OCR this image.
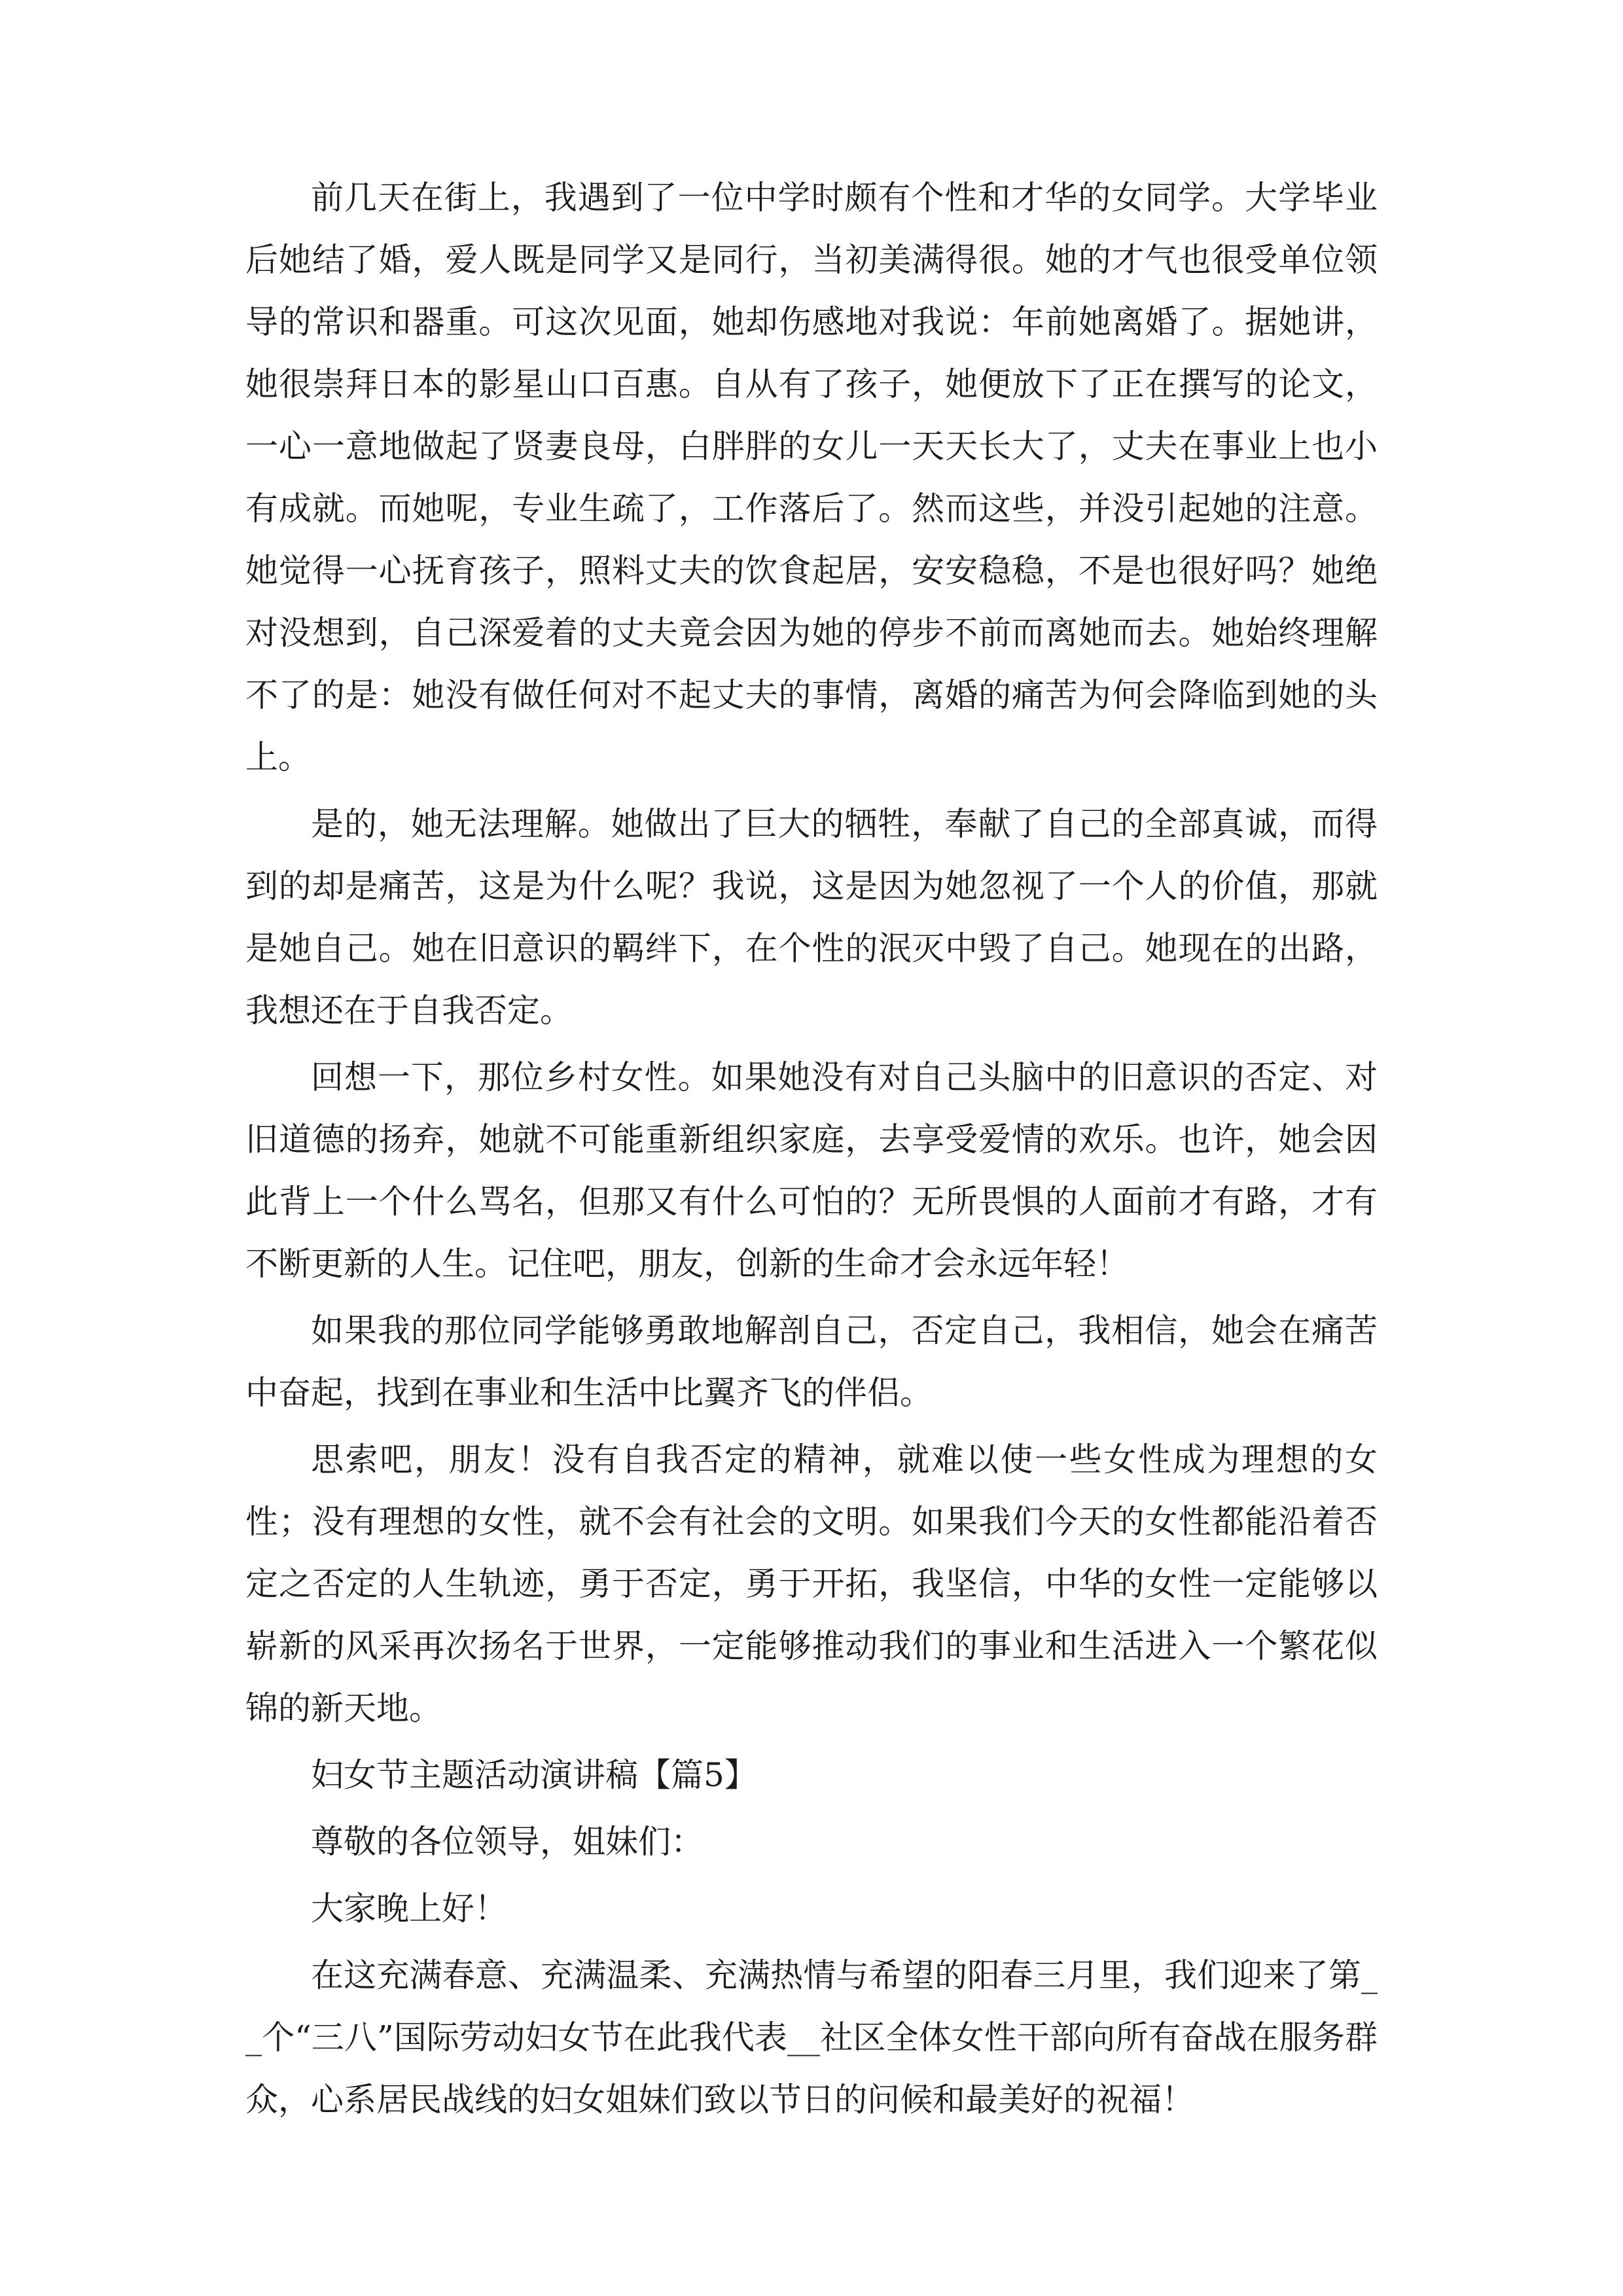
前几天在街上，我遇到了一位中学时颇有个性和才华的女同学。大学毕业后她结了婚，爱人既是同学又是同行，当初美满得很。她的才气也很受单位领导的常识和器重。可这次见面，她却伤感地对我说：年前她离婚了。据她讲，她很崇拜日本的影星山口百惠。自从有了孩子，她便放下了正在撰写的论文，一心一意地做起了贤妻良母，白胖胖的女儿一天天长大了，丈夫在事业上也小有成就。而她呢，专业生疏了，工作落后了。然而这些，并没引起她的注意。她觉得一心抚育孩子，照料丈夫的饮食起居，安安稳稳，不是也很好吗？她绝对没想到，自己深爱着的丈夫竟会因为她的停步不前而离她而去。她始终理解不了的是：她没有做任何对不起丈夫的事情，离婚的痛苦为何会降临到她的头上。

是的，她无法理解。她做出了巨大的牺牲，奉献了自己的全部真诚，而得到的却是痛苦，这是为什么呢？我说，这是因为她忽视了一个人的价值，那就是她自己。她在旧意识的羁绊下，在个性的泯灭中毁了自己。她现在的出路，我想还在于自我否定。

回想一下，那位乡村女性。如果她没有对自己头脑中的旧意识的否定、对旧道德的扬弃，她就不可能重新组织家庭，去享受爱情的欢乐。也许，她会因此背上一个什么骂名，但那又有什么可怕的？无所畏惧的人面前才有路，才有不断更新的人生。记住吧，朋友，创新的生命才会永远年轻！

如果我的那位同学能够勇敢地解剖自己，否定自己，我相信，她会在痛苦中奋起，找到在事业和生活中比翼齐飞的伴侣。

思索吧，朋友！没有自我否定的精神，就难以使一些女性成为理想的女性；没有理想的女性，就不会有社会的文明。如果我们今天的女性都能沿着否定之否定的人生轨迹，勇于否定，勇于开拓，我坚信，中华的女性一定能够以崭新的风采再次扬名于世界，一定能够推动我们的事业和生活进入一个繁花似锦的新天地。

妇女节主题活动演讲稿【篇5】

尊敬的各位领导，姐妹们：

大家晚上好！

在这充满春意、充满温柔、充满热情与希望的阳春三月里，我们迎来了第__个“三八”国际劳动妇女节在此我代表__社区全体女性干部向所有奋战在服务群众，心系居民战线的妇女姐妹们致以节日的问候和最美好的祝福！
